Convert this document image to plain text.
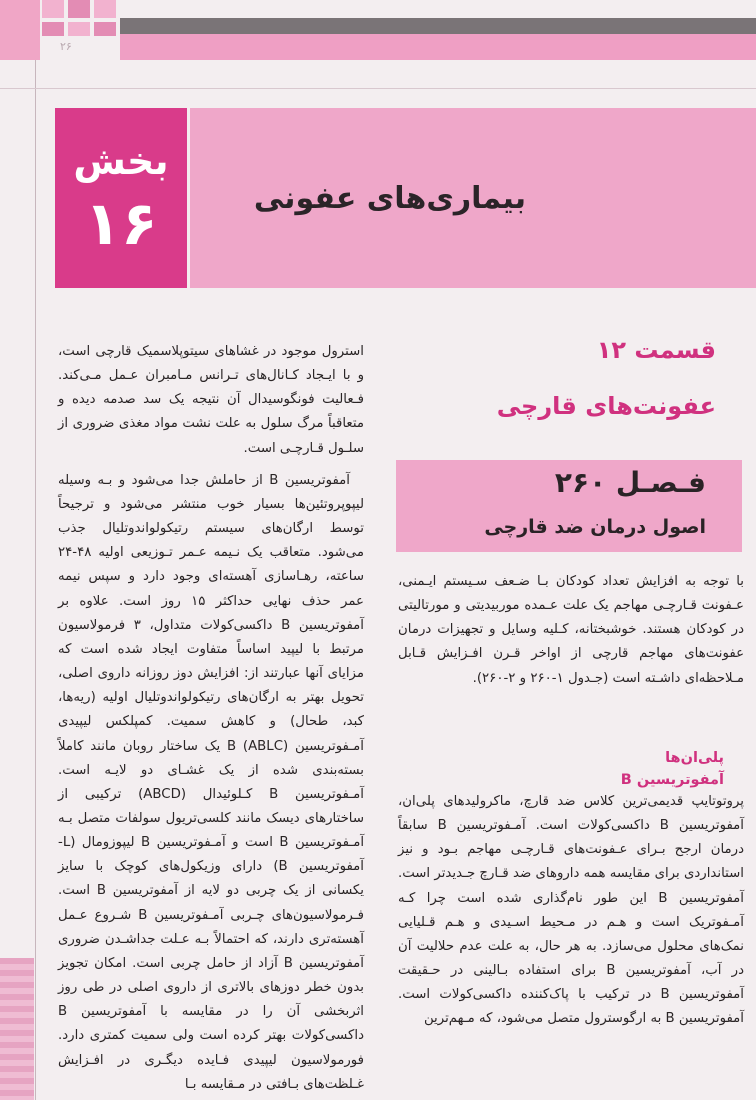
۲۶
بخش
۱۶	بیماری‌های عفونی
قسمت ۱۲
عفونت‌های قارچی
فـصـل ۲۶۰
اصول درمان ضد قارچی

استرول موجود در غشاهای سیتوپلاسمیک قارچی است، و با ایـجاد کـانال‌های تـرانس مـامبران عـمل مـی‌کند. فـعالیت فونگوسیدال آن نتیجه یک سد صدمه دیده و متعاقباً مرگ سلول به علت نشت مواد مغذی ضروری از سلـول قـارچـی است.

آمفوتریسین B از حاملش جدا می‌شود و بـه وسیله لیپوپروتئین‌ها بسیار خوب منتشر می‌شود و ترجیحاً توسط ارگان‌های سیستم رتیکولواندوتلیال جذب می‌شود. متعاقب یک نـیمه عـمر تـوزیعی اولیه ۴۸-۲۴ ساعته، رهـاسازی آهسته‌ای وجود دارد و سپس نیمه عمر حذف نهایی حداکثر ۱۵ روز است. علاوه بر آمفوتریسین B داکسی‌کولات متداول، ۳ فرمولاسیون مرتبط با لیپید اساساً متفاوت ایجاد شده است که مزایای آنها عبارتند از: افزایش دوز روزانه داروی اصلی، تحویل بهتر به ارگان‌های رتیکولواندوتلیال اولیه (ریه‌ها، کبد، طحال) و کاهش سمیت. کمپلکس لیپیدی آمـفوتریسین B (ABLC) یک ساختار روبان مانند کاملاً بسته‌بندی شده از یک غشـای دو لایـه است. آمـفوتریسین B کـلوئیدال (ABCD) ترکیبی از ساختارهای دیسک مانند کلسی‌تریول سولفات متصل بـه آمـفوتریسین B است و آمـفوتریسین B لیپوزومال (L- آمفوتریسین B) دارای وزیکول‌های کوچک با سایز یکسانی از یک چربی دو لایه از آمفوتریسین B است. فـرمولاسیون‌های چـربی آمـفوتریسین B شـروع عـمل آهسته‌تری دارند، که احتمالاً بـه عـلت جداشـدن ضروری آمفوتریسین B آزاد از حامل چربی است. امکان تجویز بدون خطر دوزهای بالاتری از داروی اصلی در طی روز اثربخشی آن را در مقایسه با آمفوتریسین B داکسی‌کولات بهتر کرده است ولی سمیت کمتری دارد. فورمولاسیون لیپیدی فـایده دیگـری در افـزایش غـلظت‌های بـافتی در مـقایسه بـا

با توجه به افزایش تعداد کودکان بـا ضـعف سـیستم ایـمنی، عـفونت قـارچـی مهاجم یک علت عـمده موربیدیتی و مورتالیتی در کودکان هستند. خوشبختانه، کـلیه وسایل و تجهیزات درمان عفونت‌های مهاجم قارچی از اواخر قـرن افـزایش قـابل مـلاحظه‌ای داشـته است (جـدول ۱-۲۶۰ و ۲-۲۶۰).

پلی‌ان‌ها
آمفوتریسین B

پروتوتایپ قدیمی‌ترین کلاس ضد قارچ، ماکرولیدهای پلی‌ان، آمفوتریسین B داکسی‌کولات است. آمـفوتریسین B سابقاً درمان ارجح بـرای عـفونت‌های قـارچـی مهاجم بـود و نیز استانداردی برای مقایسه همه داروهای ضد قـارچ جـدیدتر است. آمفوتریسین B این طور نام‌گذاری شده است چرا کـه آمـفوتریک است و هـم در مـحیط اسـیدی و هـم قـلیایی نمک‌های محلول می‌سازد. به هر حال، به علت عدم حلالیت آن در آب، آمفوتریسین B برای استفاده بـالینی در حـقیقت آمفوتریسین B در ترکیب با پاک‌کننده داکسی‌کولات است. آمفوتریسین B به ارگوسترول متصل می‌شود، که مـهم‌ترین
